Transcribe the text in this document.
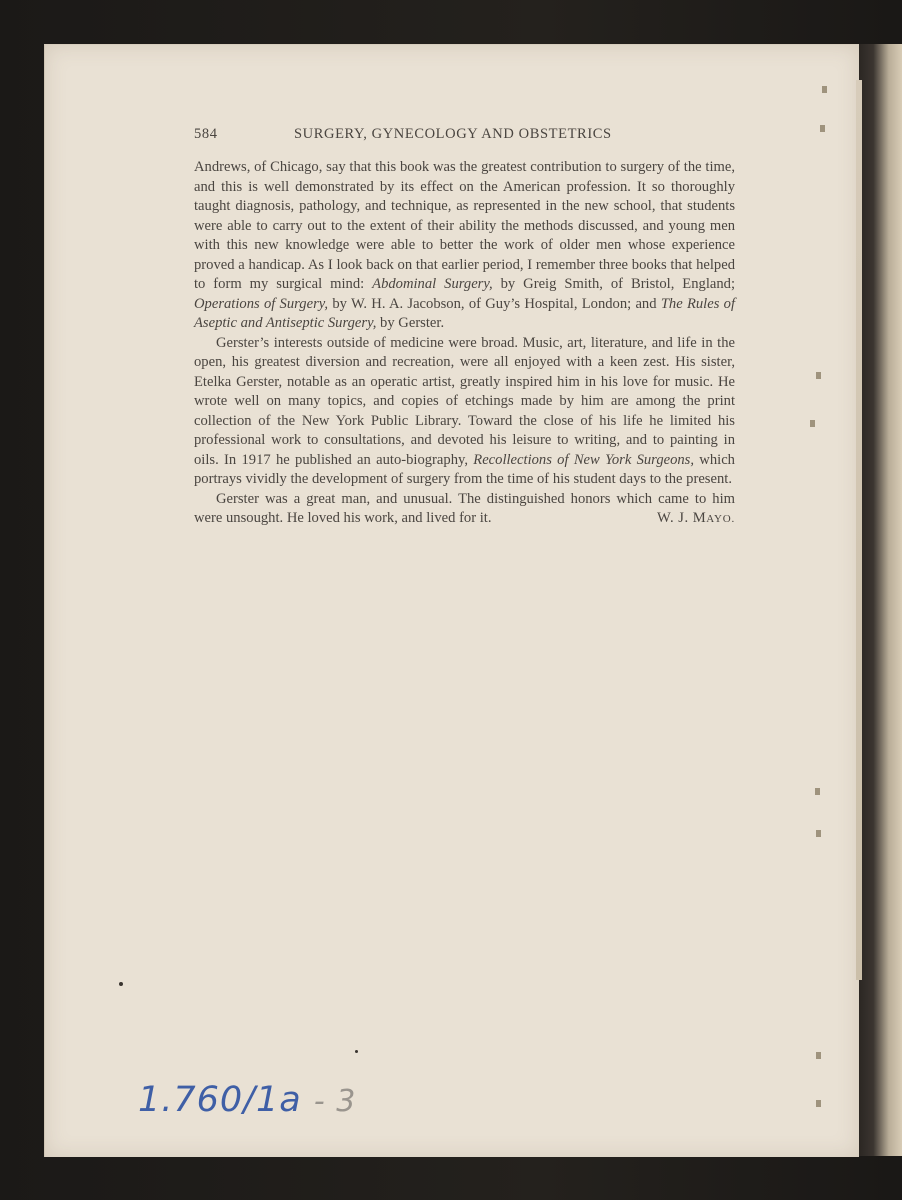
584	SURGERY, GYNECOLOGY AND OBSTETRICS

Andrews, of Chicago, say that this book was the greatest contribution to surgery of the time, and this is well demonstrated by its effect on the American profession. It so thoroughly taught diagnosis, pathology, and technique, as represented in the new school, that students were able to carry out to the extent of their ability the methods discussed, and young men with this new knowledge were able to better the work of older men whose experience proved a handicap. As I look back on that earlier period, I remember three books that helped to form my surgical mind: Abdominal Surgery, by Greig Smith, of Bristol, England; Operations of Surgery, by W. H. A. Jacobson, of Guy’s Hospital, London; and The Rules of Aseptic and Antiseptic Surgery, by Gerster.

Gerster’s interests outside of medicine were broad. Music, art, literature, and life in the open, his greatest diversion and recreation, were all enjoyed with a keen zest. His sister, Etelka Gerster, notable as an operatic artist, greatly inspired him in his love for music. He wrote well on many topics, and copies of etchings made by him are among the print collection of the New York Public Library. Toward the close of his life he limited his professional work to consultations, and devoted his leisure to writing, and to painting in oils. In 1917 he published an auto-biography, Recollections of New York Surgeons, which portrays vividly the development of surgery from the time of his student days to the present.

Gerster was a great man, and unusual. The distinguished honors which came to him were unsought. He loved his work, and lived for it.	W. J. MAYO.

1.760/1a - 3
